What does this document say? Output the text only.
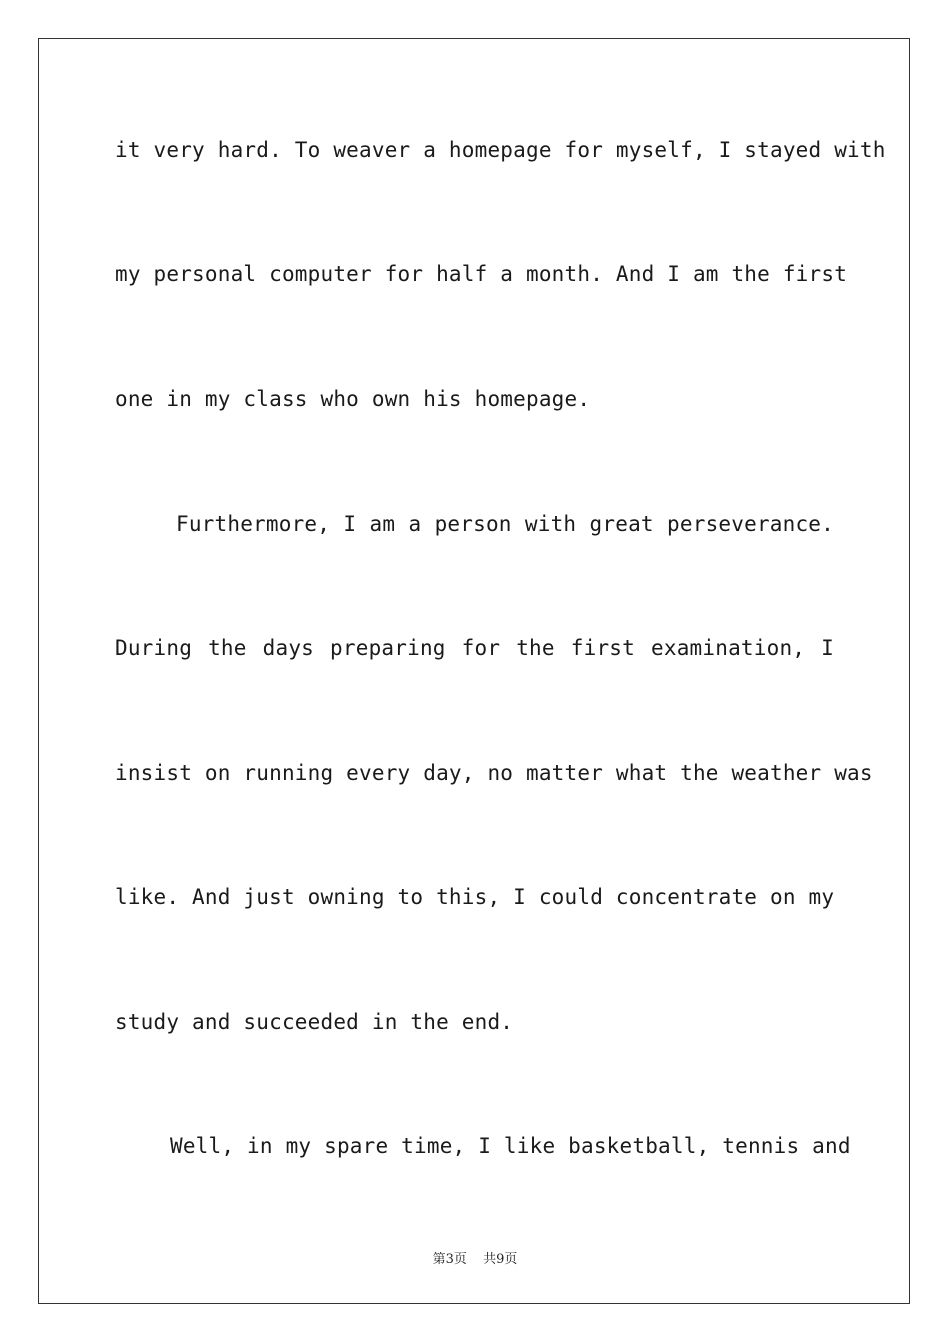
it very hard. To weaver a homepage for myself, I stayed with
my personal computer for half a month. And I am the first
one in my class who own his homepage.
Furthermore, I am a person with great perseverance.
During the days preparing for the first examination, I
insist on running every day, no matter what the weather was
like. And just owning to this, I could concentrate on my
study and succeeded in the end.
Well, in my spare time, I like basketball, tennis and
第3页 共9页
